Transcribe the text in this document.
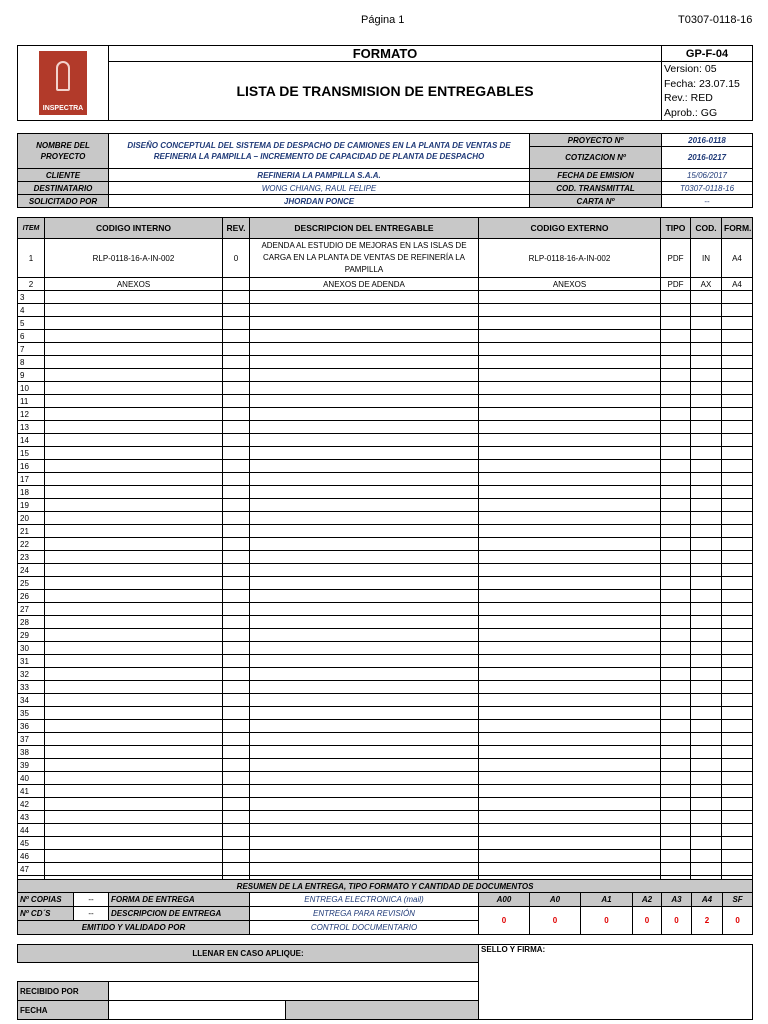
Página 1	T0307-0118-16
INSPECTRA	FORMATO	GP-F-04
	LISTA DE TRANSMISION DE ENTREGABLES	Version: 05
Fecha: 23.07.15
Rev.: RED
Aprob.: GG
NOMBRE DEL PROYECTO	DISEÑO CONCEPTUAL DEL SISTEMA DE DESPACHO DE CAMIONES EN LA PLANTA DE VENTAS DE REFINERIA LA PAMPILLA – INCREMENTO DE CAPACIDAD DE PLANTA DE DESPACHO	PROYECTO Nº	2016-0118
		COTIZACION Nº	2016-0217
CLIENTE	REFINERIA LA PAMPILLA S.A.A.	FECHA DE EMISION	15/06/2017
DESTINATARIO	WONG CHIANG, RAUL FELIPE	COD. TRANSMITTAL	T0307-0118-16
SOLICITADO POR	JHORDAN PONCE	CARTA Nº	--
ITEM	CODIGO INTERNO	REV.	DESCRIPCION DEL ENTREGABLE	CODIGO EXTERNO	TIPO	COD.	FORM.
1	RLP-0118-16-A-IN-002	0	ADENDA AL ESTUDIO DE MEJORAS EN LAS ISLAS DE CARGA EN LA PLANTA DE VENTAS DE REFINERÍA LA PAMPILLA	RLP-0118-16-A-IN-002	PDF	IN	A4
2	ANEXOS		ANEXOS DE ADENDA	ANEXOS	PDF	AX	A4
3							
4							
5							
6							
7							
8							
9							
10							
11							
12							
13							
14							
15							
16							
17							
18							
19							
20							
21							
22							
23							
24							
25							
26							
27							
28							
29							
30							
31							
32							
33							
34							
35							
36							
37							
38							
39							
40							
41							
42							
43							
44							
45							
46							
47							

RESUMEN DE LA ENTREGA, TIPO FORMATO Y CANTIDAD DE DOCUMENTOS										
Nº COPIAS	--	FORMA DE ENTREGA	ENTREGA ELECTRONICA (mail)	A00	A0	A1	A2	A3	A4	SF
Nº CD´S	--	DESCRIPCION DE ENTREGA	ENTREGA PARA REVISIÓN	0	0	0	0	0	2	0
EMITIDO Y VALIDADO POR			CONTROL DOCUMENTARIO							
LLENAR EN CASO APLIQUE:			SELLO Y FIRMA:

RECIBIDO POR			
FECHA			
